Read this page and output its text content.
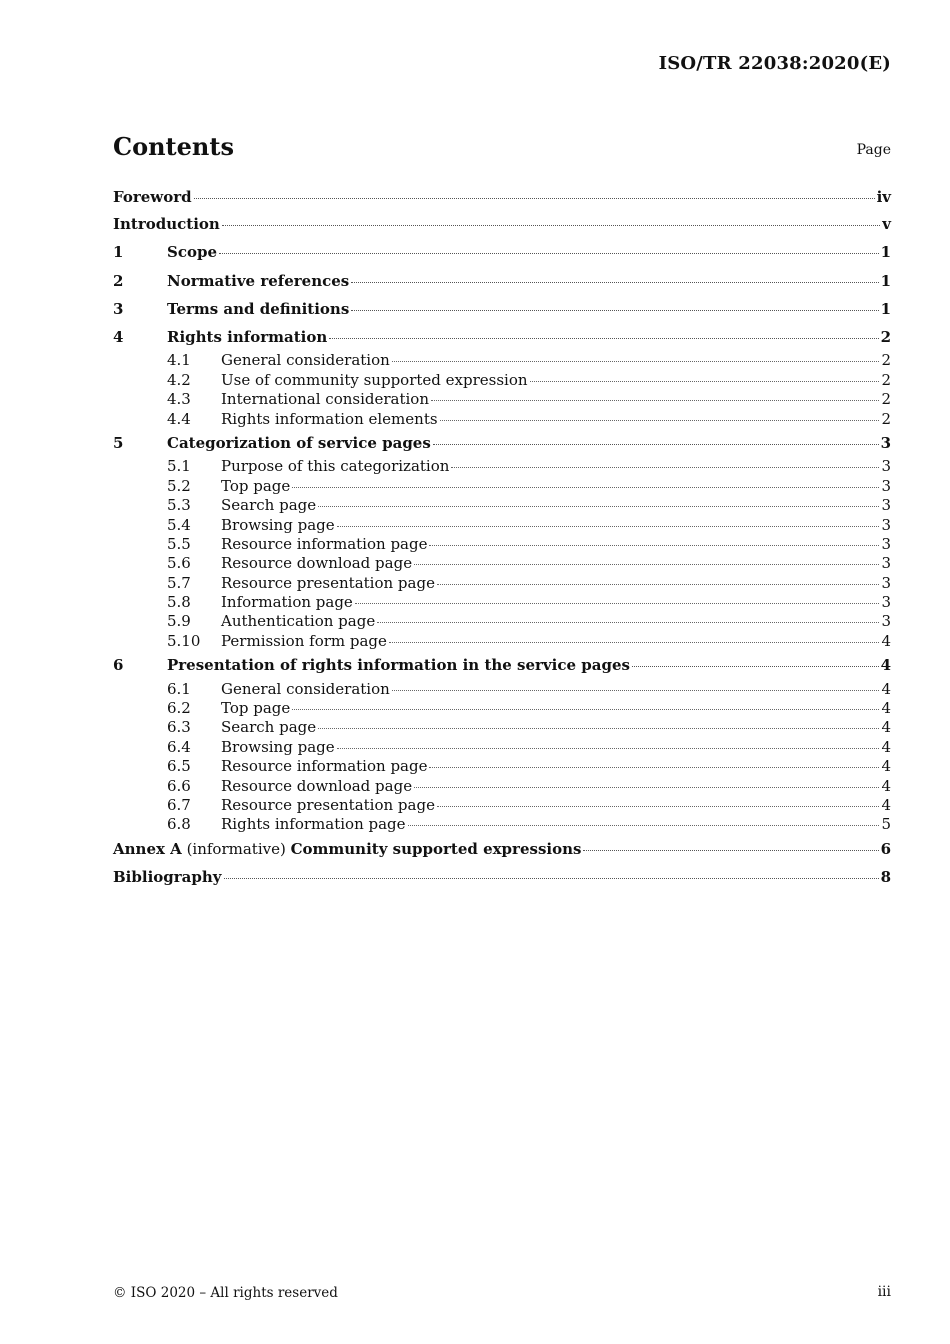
ISO/TR 22038:2020(E)
Contents	Page
Foreword	iv
Introduction	v
1	Scope	1
2	Normative references	1
3	Terms and definitions	1
4	Rights information	2
4.1	General consideration	2
4.2	Use of community supported expression	2
4.3	International consideration	2
4.4	Rights information elements	2
5	Categorization of service pages	3
5.1	Purpose of this categorization	3
5.2	Top page	3
5.3	Search page	3
5.4	Browsing page	3
5.5	Resource information page	3
5.6	Resource download page	3
5.7	Resource presentation page	3
5.8	Information page	3
5.9	Authentication page	3
5.10	Permission form page	4
6	Presentation of rights information in the service pages	4
6.1	General consideration	4
6.2	Top page	4
6.3	Search page	4
6.4	Browsing page	4
6.5	Resource information page	4
6.6	Resource download page	4
6.7	Resource presentation page	4
6.8	Rights information page	5
Annex A (informative) Community supported expressions	6
Bibliography	8
© ISO 2020 – All rights reserved	iii
